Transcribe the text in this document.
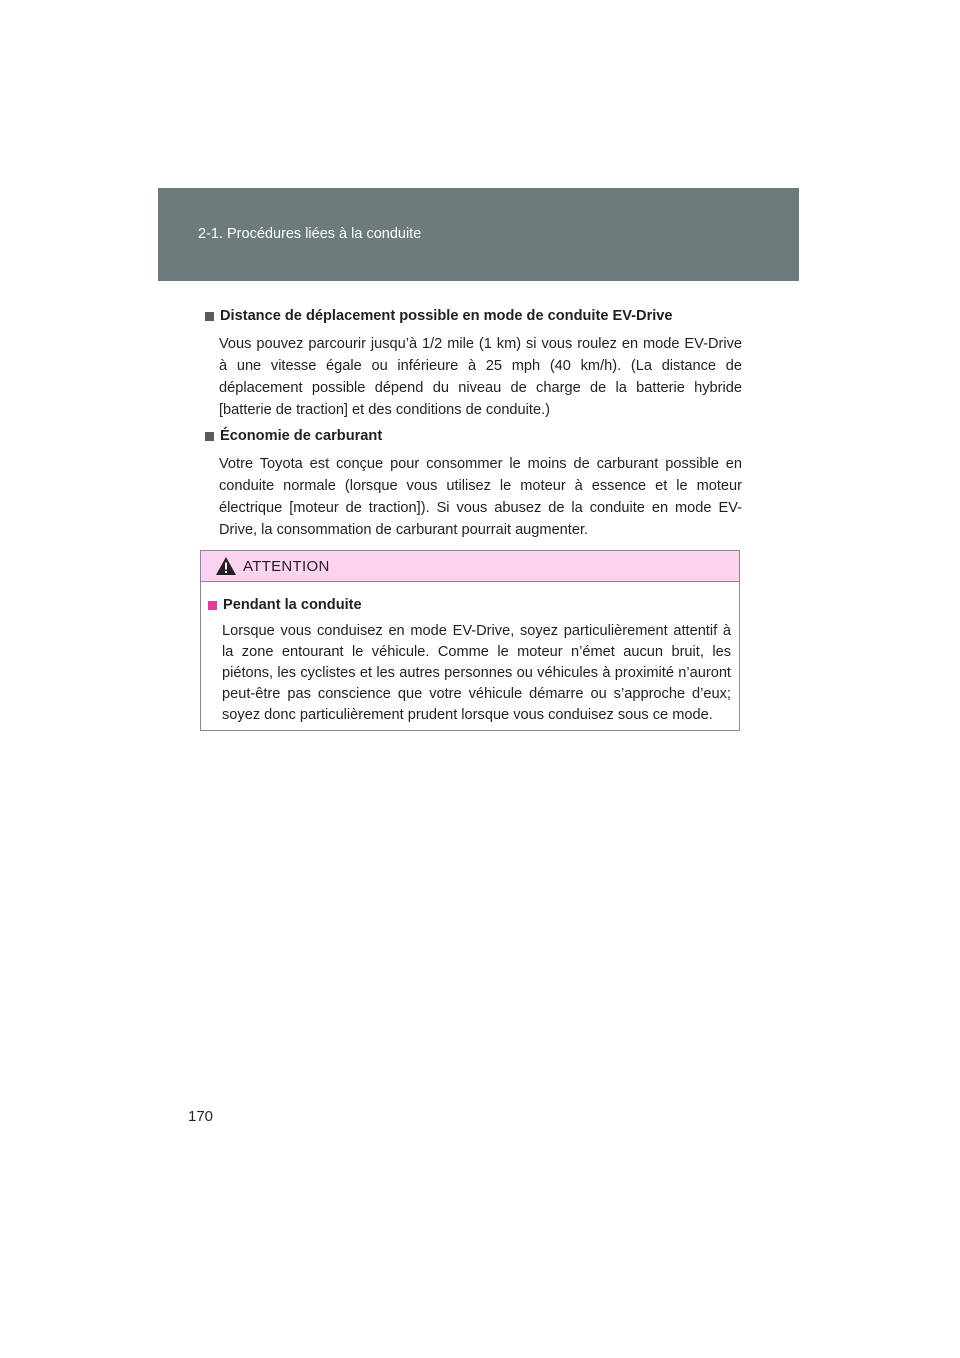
2-1. Procédures liées à la conduite
Distance de déplacement possible en mode de conduite EV-Drive
Vous pouvez parcourir jusqu’à 1/2 mile (1 km) si vous roulez en mode EV-Drive à une vitesse égale ou inférieure à 25 mph (40 km/h). (La distance de déplacement possible dépend du niveau de charge de la batterie hybride [batterie de traction] et des conditions de conduite.)
Économie de carburant
Votre Toyota est conçue pour consommer le moins de carburant possible en conduite normale (lorsque vous utilisez le moteur à essence et le moteur électrique [moteur de traction]). Si vous abusez de la conduite en mode EV-Drive, la consommation de carburant pourrait augmenter.
ATTENTION
Pendant la conduite
Lorsque vous conduisez en mode EV-Drive, soyez particulièrement attentif à la zone entourant le véhicule. Comme le moteur n’émet aucun bruit, les piétons, les cyclistes et les autres personnes ou véhicules à proximité n’auront peut-être pas conscience que votre véhicule démarre ou s’approche d’eux; soyez donc particulièrement prudent lorsque vous conduisez sous ce mode.
170
